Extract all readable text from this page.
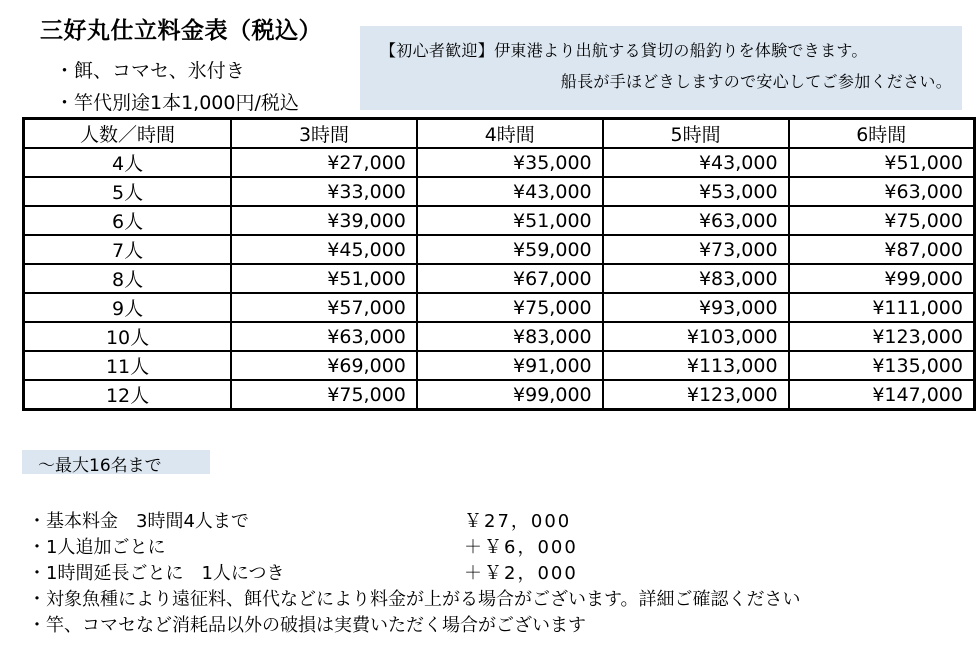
三好丸仕立料金表（税込）
・餌、コマセ、氷付き
・竿代別途1本1,000円/税込
【初心者歓迎】伊東港より出航する貸切の船釣りを体験できます。
船長が手ほどきしますので安心してご参加ください。
人数／時間	3時間	4時間	5時間	6時間
4人	¥27,000	¥35,000	¥43,000	¥51,000
5人	¥33,000	¥43,000	¥53,000	¥63,000
6人	¥39,000	¥51,000	¥63,000	¥75,000
7人	¥45,000	¥59,000	¥73,000	¥87,000
8人	¥51,000	¥67,000	¥83,000	¥99,000
9人	¥57,000	¥75,000	¥93,000	¥111,000
10人	¥63,000	¥83,000	¥103,000	¥123,000
11人	¥69,000	¥91,000	¥113,000	¥135,000
12人	¥75,000	¥99,000	¥123,000	¥147,000
～最大16名まで
・基本料金　3時間4人まで	￥27，000
・1人追加ごとに	＋￥6，000
・1時間延長ごとに　1人につき	＋￥2，000
・対象魚種により遠征料、餌代などにより料金が上がる場合がございます。詳細ご確認ください
・竿、コマセなど消耗品以外の破損は実費いただく場合がございます
